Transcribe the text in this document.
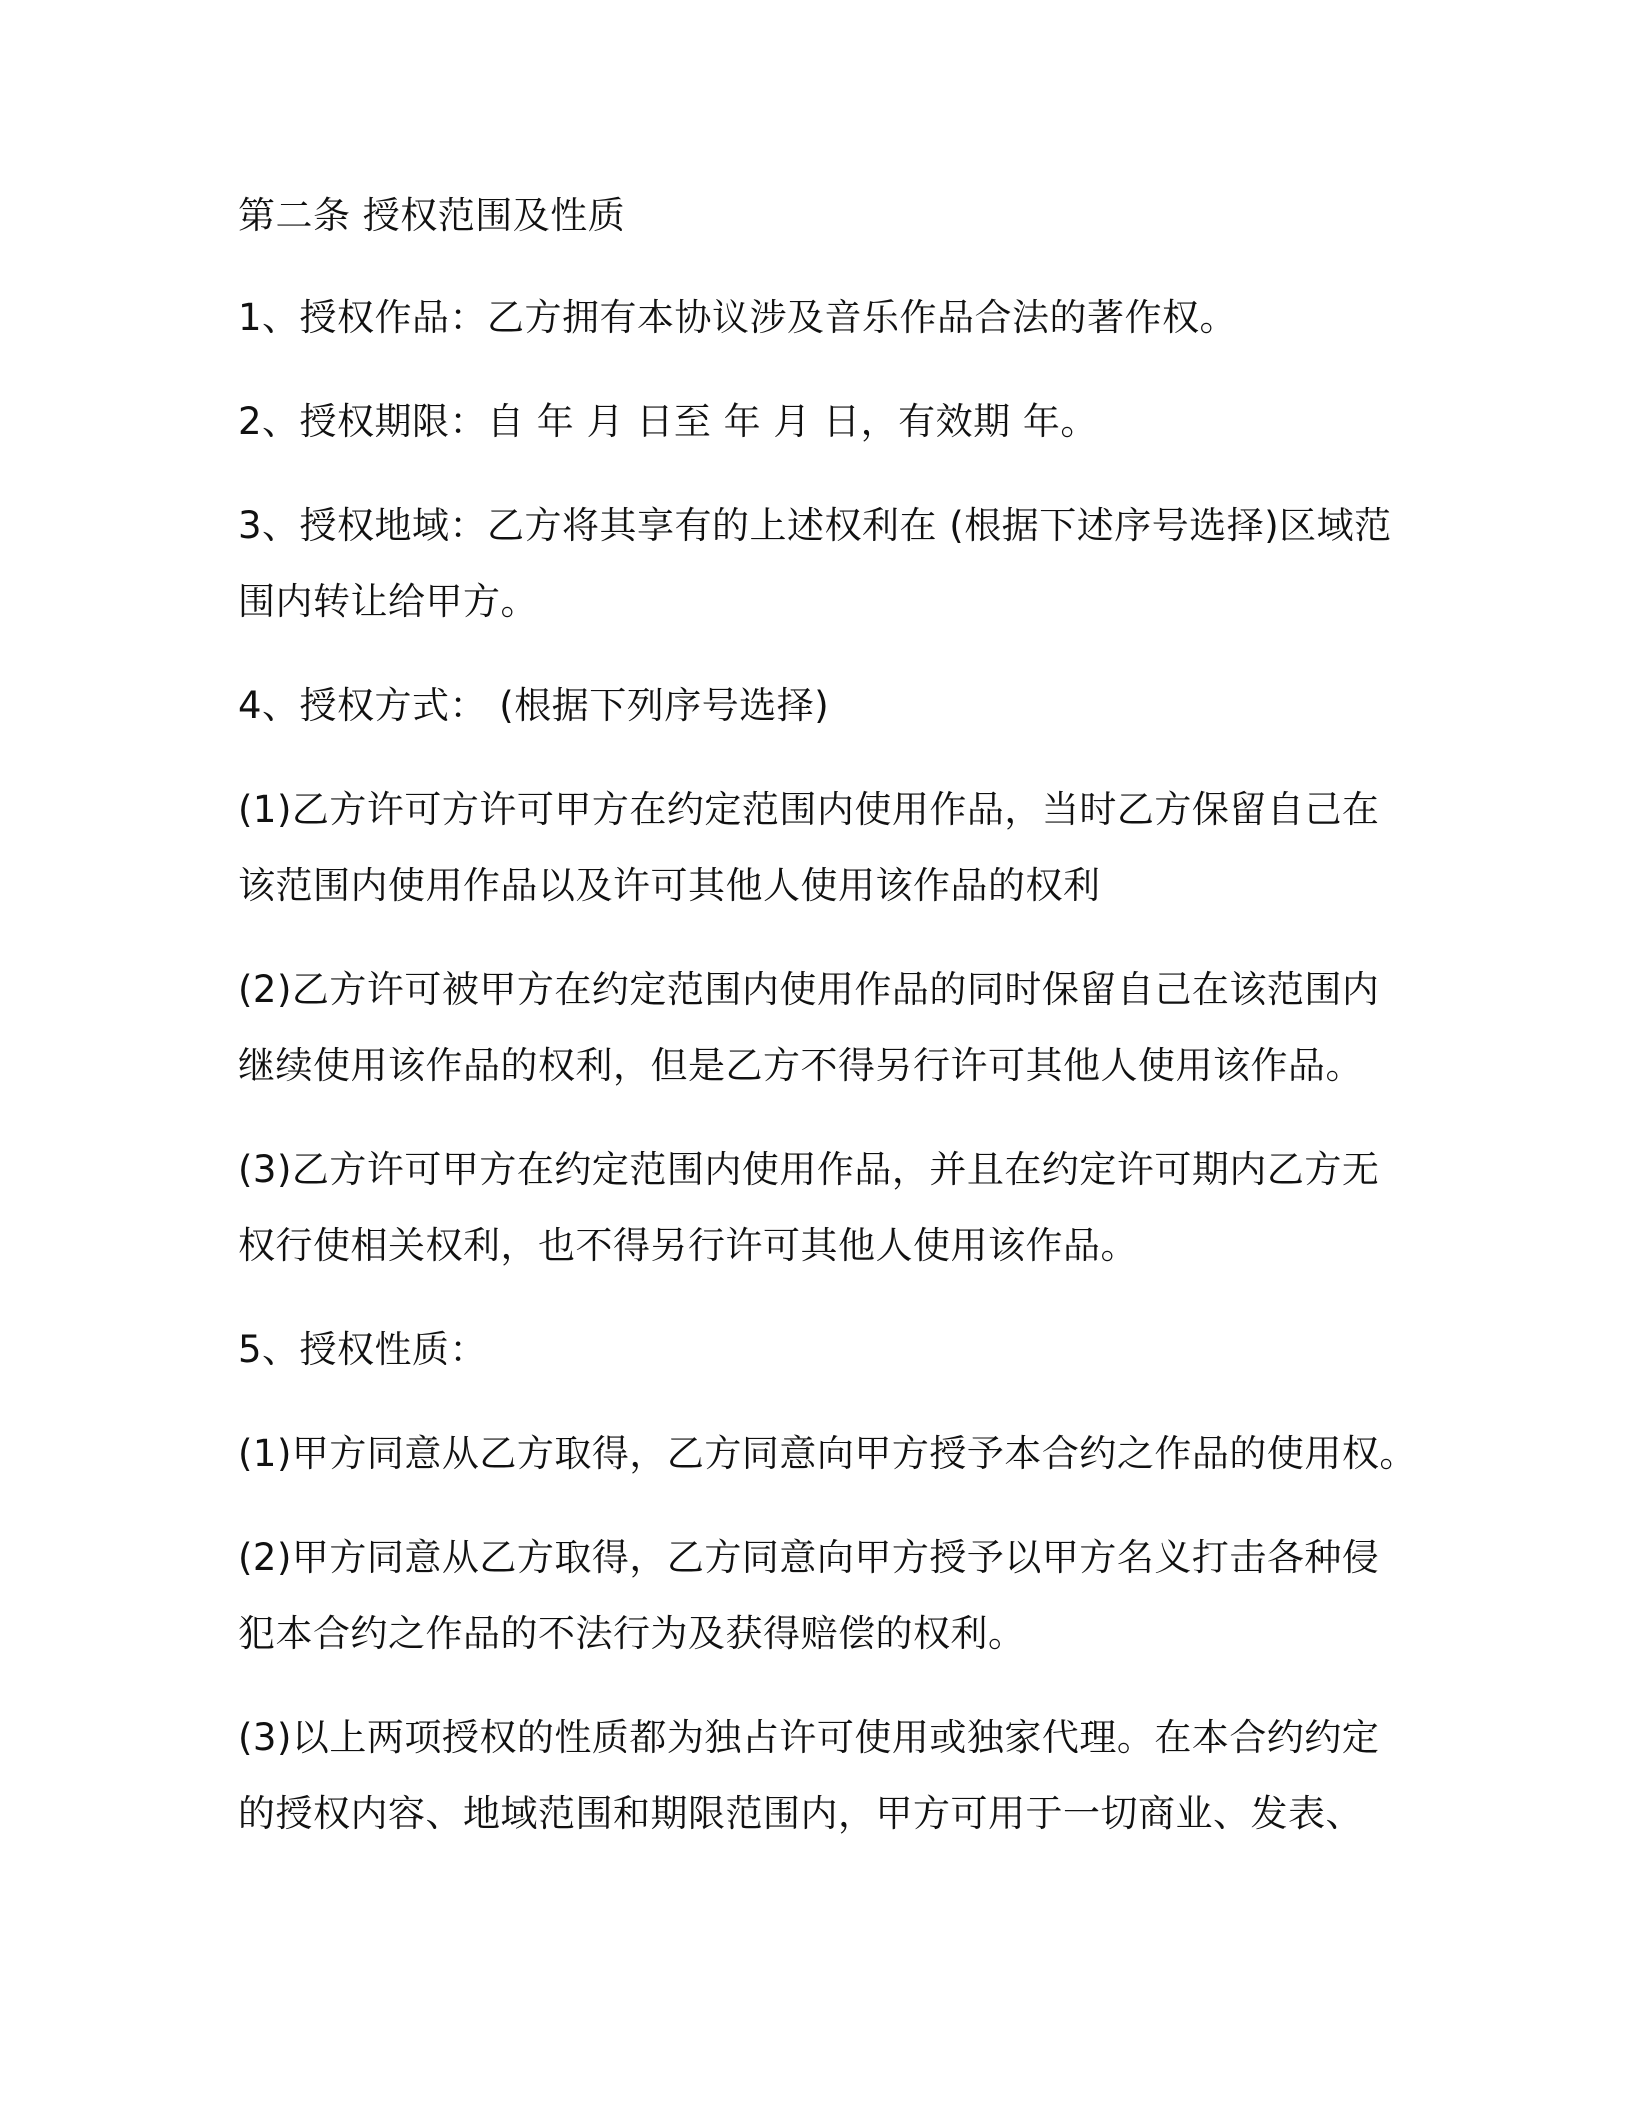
第二条 授权范围及性质
1、授权作品：乙方拥有本协议涉及音乐作品合法的著作权。
2、授权期限：自 年 月 日至 年 月 日，有效期 年。
3、授权地域：乙方将其享有的上述权利在 (根据下述序号选择)区域范
围内转让给甲方。
4、授权方式： (根据下列序号选择)
(1)乙方许可方许可甲方在约定范围内使用作品，当时乙方保留自己在
该范围内使用作品以及许可其他人使用该作品的权利
(2)乙方许可被甲方在约定范围内使用作品的同时保留自己在该范围内
继续使用该作品的权利，但是乙方不得另行许可其他人使用该作品。
(3)乙方许可甲方在约定范围内使用作品，并且在约定许可期内乙方无
权行使相关权利，也不得另行许可其他人使用该作品。
5、授权性质：
(1)甲方同意从乙方取得，乙方同意向甲方授予本合约之作品的使用权。
(2)甲方同意从乙方取得，乙方同意向甲方授予以甲方名义打击各种侵
犯本合约之作品的不法行为及获得赔偿的权利。
(3)以上两项授权的性质都为独占许可使用或独家代理。在本合约约定
的授权内容、地域范围和期限范围内，甲方可用于一切商业、发表、
